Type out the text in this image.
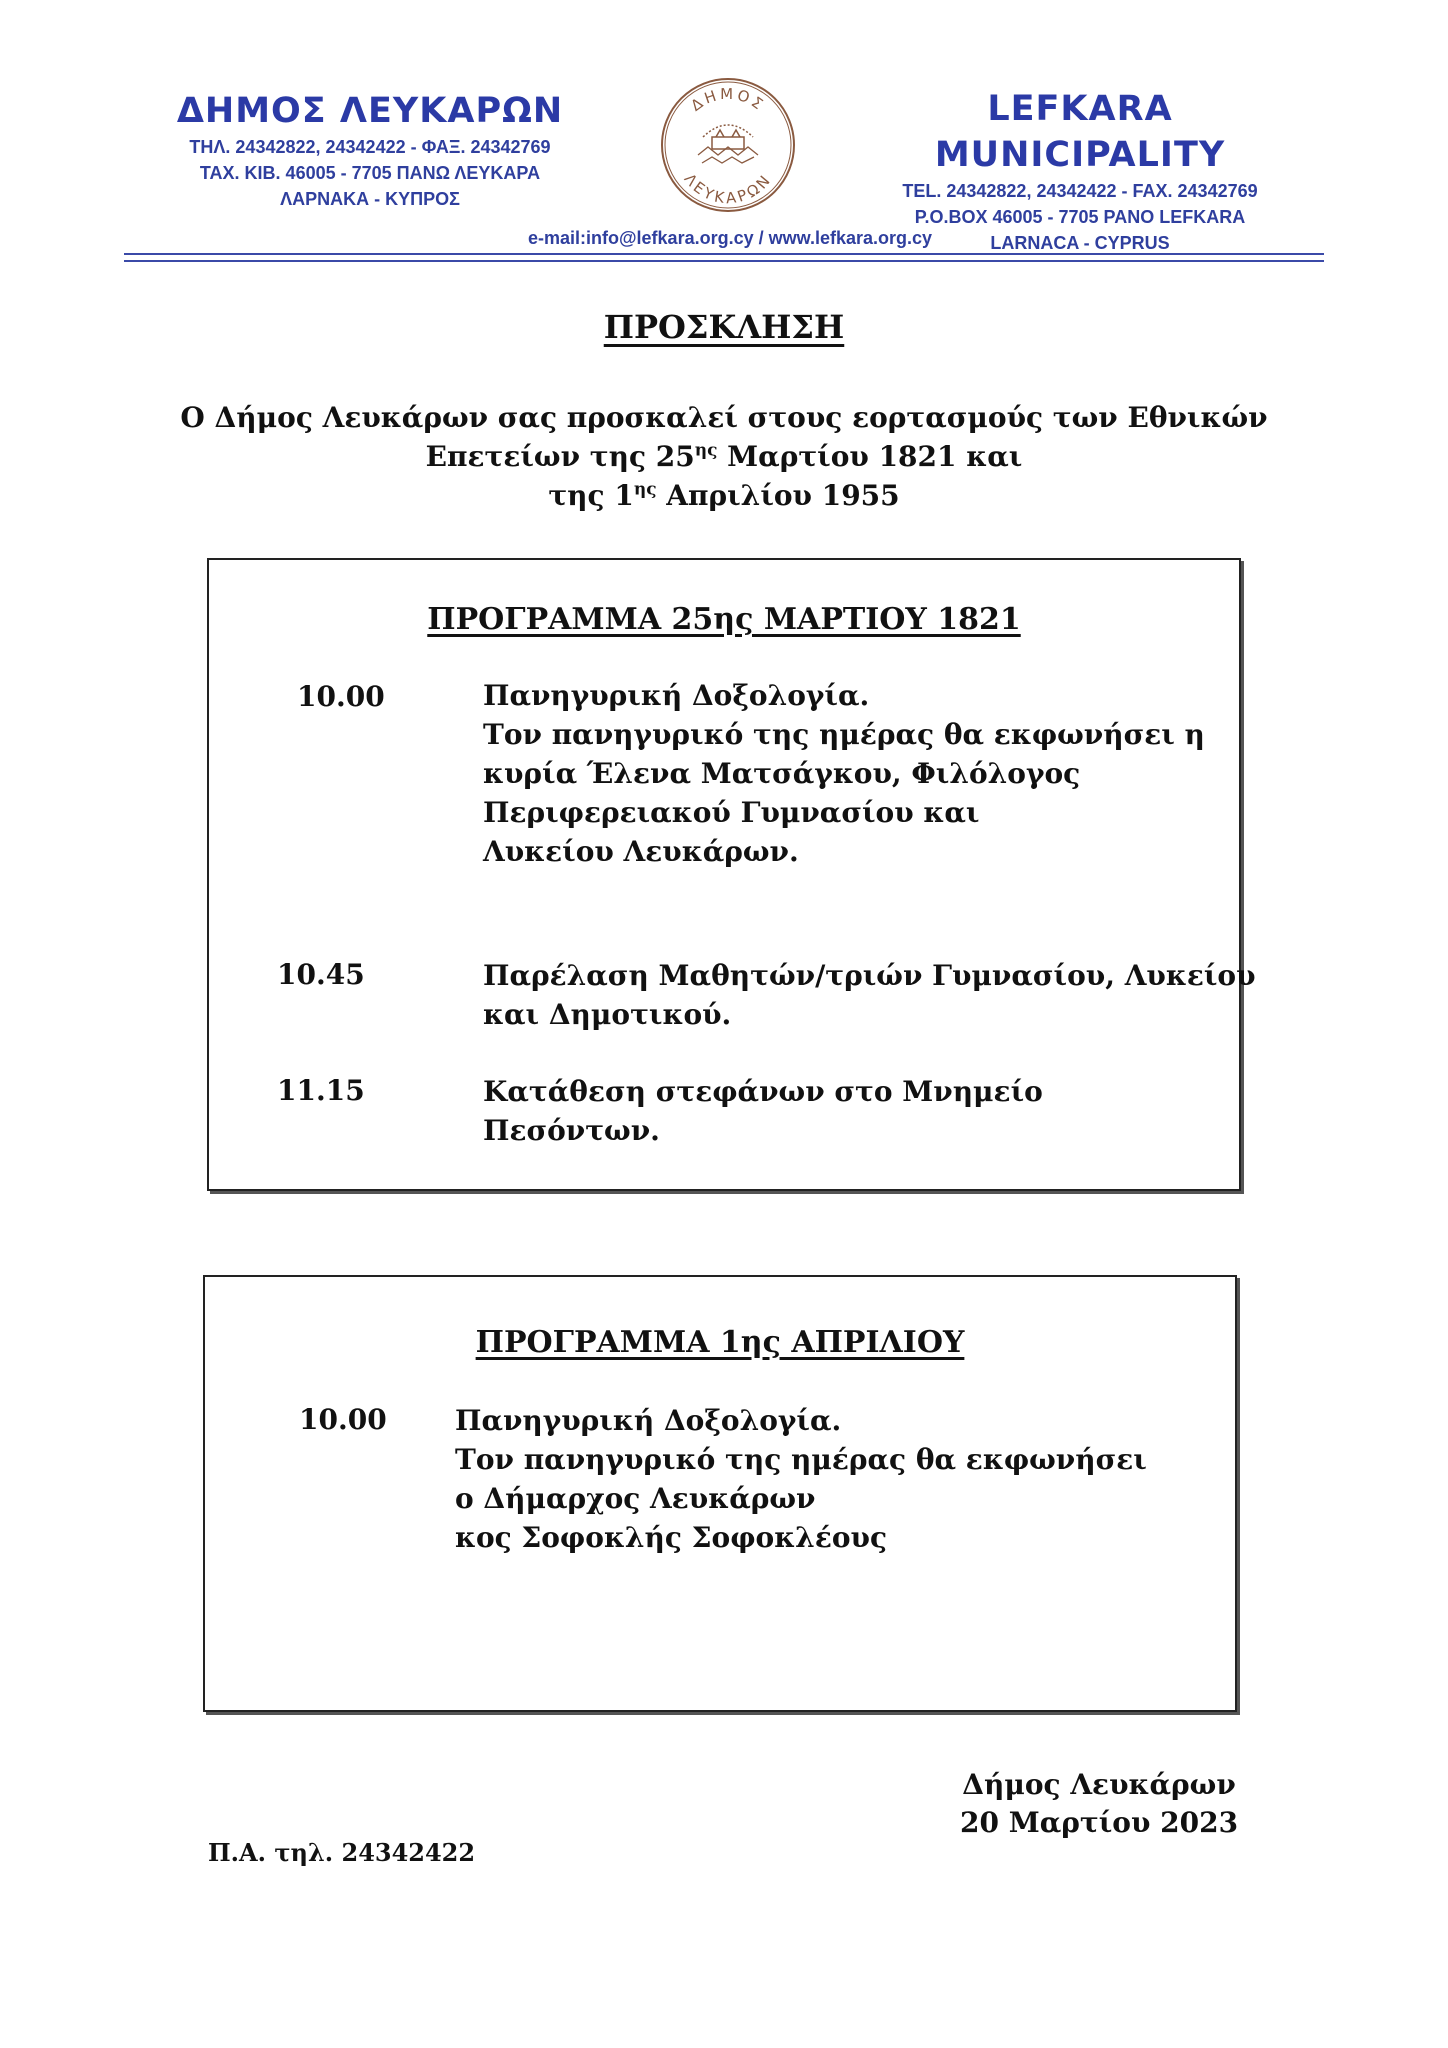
ΔΗΜΟΣ ΛΕΥΚΑΡΩΝ
ΤΗΛ. 24342822, 24342422 - ΦΑΞ. 24342769
ΤΑΧ. ΚΙΒ. 46005 - 7705 ΠΑΝΩ ΛΕΥΚΑΡΑ
ΛΑΡΝΑΚΑ - ΚΥΠΡΟΣ
ΔΗΜΟΣ
ΛΕΥΚΑΡΩΝ
LEFKARA MUNICIPALITY
TEL. 24342822, 24342422 - FAX. 24342769
P.O.BOX 46005 - 7705 PANO LEFKARA
LARNACA - CYPRUS
e-mail:info@lefkara.org.cy / www.lefkara.org.cy
ΠΡΟΣΚΛΗΣΗ
Ο Δήμος Λευκάρων σας προσκαλεί στους εορτασμούς των Εθνικών
Επετείων της $25^{\eta\varsigma}$ Μαρτίου 1821 και
της $1^{\eta\varsigma}$ Απριλίου 1955
ΠΡΟΓΡΑΜΜΑ 25ης ΜΑΡΤΙΟΥ 1821
10.00	Πανηγυρική Δοξολογία.
Τον πανηγυρικό της ημέρας θα εκφωνήσει η
κυρία Έλενα Ματσάγκου, Φιλόλογος
Περιφερειακού Γυμνασίου και
Λυκείου Λευκάρων.
10.45	Παρέλαση Μαθητών/τριών Γυμνασίου, Λυκείου
και Δημοτικού.
11.15	Κατάθεση στεφάνων στο Μνημείο
Πεσόντων.
ΠΡΟΓΡΑΜΜΑ 1ης ΑΠΡΙΛΙΟΥ
10.00 Πανηγυρική Δοξολογία.
Τον πανηγυρικό της ημέρας θα εκφωνήσει
ο Δήμαρχος Λευκάρων
κος Σοφοκλής Σοφοκλέους
Δήμος Λευκάρων
20 Μαρτίου 2023
Π.Α. τηλ. 24342422
